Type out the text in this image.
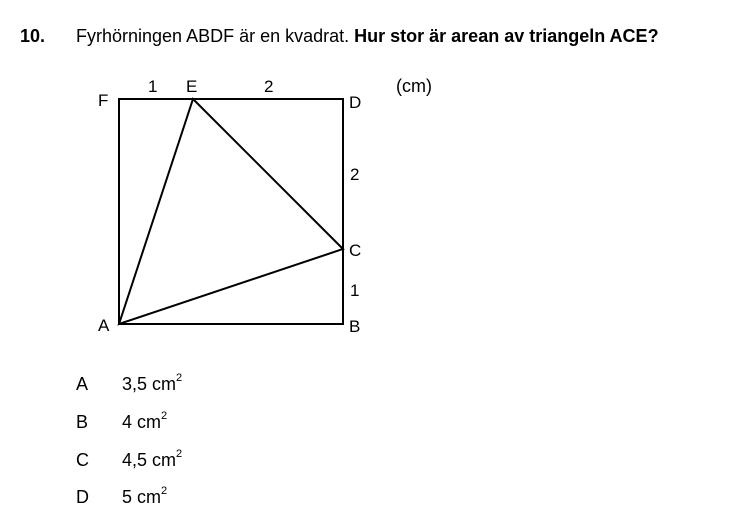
10. Fyrhörningen ABDF är en kvadrat. Hur stor är arean av triangeln ACE?
F
E
D
C
B
A
1	2
2
1
(cm)
A 3,5 $cm^2$
B 4 $cm^2$
C 4,5 $cm^2$
D 5 $cm^2$
